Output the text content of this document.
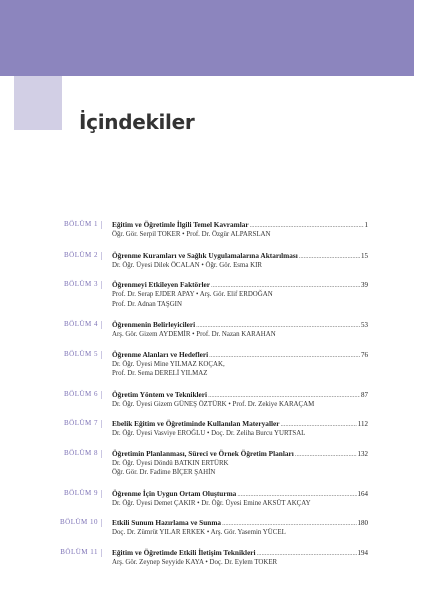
İçindekiler
BÖLÜM 1 | Eğitim ve Öğretimle İlgili Temel Kavramlar .....	1
Öğr. Gör. Serpil TOKER • Prof. Dr. Özgür ALPARSLAN
BÖLÜM 2 | Öğrenme Kuramları ve Sağlık Uygulamalarına Aktarılması .....	15
Dr. Öğr. Üyesi Dilek ÖCALAN • Öğr. Gör. Esma KIR
BÖLÜM 3 | Öğrenmeyi Etkileyen Faktörler .....	39
Prof. Dr. Serap EJDER APAY • Arş. Gör. Elif ERDOĞAN
Prof. Dr. Adnan TAŞGIN
BÖLÜM 4 | Öğrenmenin Belirleyicileri .....	53
Arş. Gör. Gizem AYDEMİR • Prof. Dr. Nazan KARAHAN
BÖLÜM 5 | Öğrenme Alanları ve Hedefleri .....	76
Dr. Öğr. Üyesi Mine YILMAZ KOÇAK,
Prof. Dr. Sema DERELİ YILMAZ
BÖLÜM 6 | Öğretim Yöntem ve Teknikleri .....	87
Dr. Öğr. Üyesi Gizem GÜNEŞ ÖZTÜRK • Prof. Dr. Zekiye KARAÇAM
BÖLÜM 7 | Ebelik Eğitim ve Öğretiminde Kullanılan Materyaller .....	112
Dr. Öğr. Üyesi Vasviye EROĞLU • Doç. Dr. Zeliha Burcu YURTSAL
BÖLÜM 8 | Öğretimin Planlanması, Süreci ve Örnek Öğretim Planları .....	132
Dr. Öğr. Üyesi Döndü BATKIN ERTÜRK
Öğr. Gör. Dr. Fadime BİÇER ŞAHİN
BÖLÜM 9 | Öğrenme İçin Uygun Ortam Oluşturma .....	164
Dr. Öğr. Üyesi Demet ÇAKIR • Dr. Öğr. Üyesi Emine AKSÜT AKÇAY
BÖLÜM 10 | Etkili Sunum Hazırlama ve Sunma .....	180
Doç. Dr. Zümrüt YILAR ERKEK • Arş. Gör. Yasemin YÜCEL
BÖLÜM 11 | Eğitim ve Öğretimde Etkili İletişim Teknikleri .....	194
Arş. Gör. Zeynep Seyyide KAYA • Doç. Dr. Eylem TOKER
